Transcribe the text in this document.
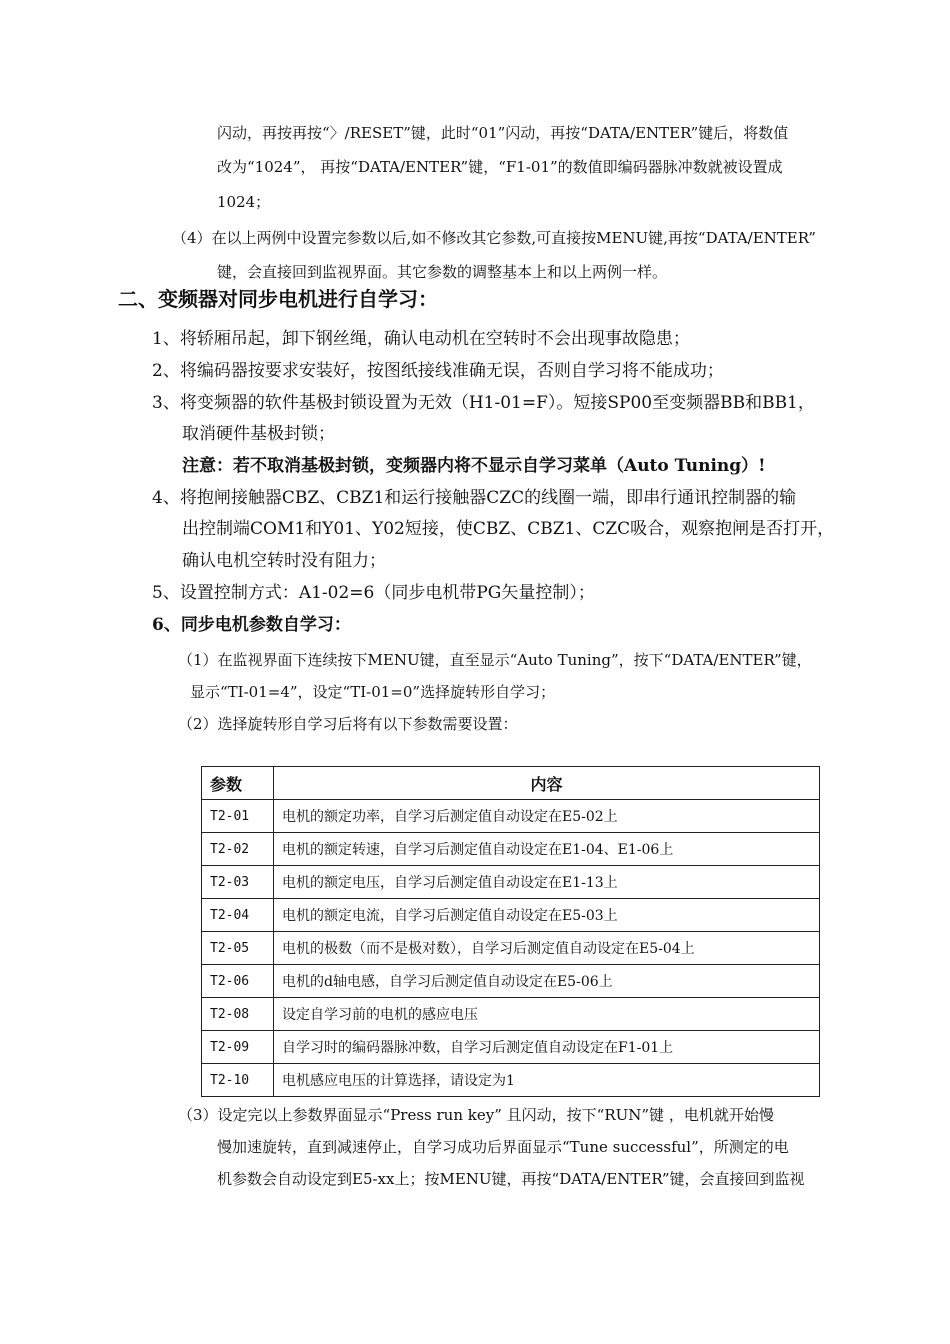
闪动，再按再按“〉/RESET”键，此时“01”闪动，再按“DATA/ENTER”键后，将数值
改为“1024”， 再按“DATA/ENTER”键，“F1-01”的数值即编码器脉冲数就被设置成
1024；
（4）在以上两例中设置完参数以后,如不修改其它参数,可直接按MENU键,再按“DATA/ENTER”
键，会直接回到监视界面。其它参数的调整基本上和以上两例一样。
二、变频器对同步电机进行自学习：
1、将轿厢吊起，卸下钢丝绳，确认电动机在空转时不会出现事故隐患；
2、将编码器按要求安装好，按图纸接线准确无误，否则自学习将不能成功；
3、将变频器的软件基极封锁设置为无效（H1-01=F）。短接SP00至变频器BB和BB1，
取消硬件基极封锁；
注意：若不取消基极封锁，变频器内将不显示自学习菜单（Auto Tuning）!
4、将抱闸接触器CBZ、CBZ1和运行接触器CZC的线圈一端，即串行通讯控制器的输
出控制端COM1和Y01、Y02短接，使CBZ、CBZ1、CZC吸合，观察抱闸是否打开，
确认电机空转时没有阻力；
5、设置控制方式：A1-02=6（同步电机带PG矢量控制）；
6、同步电机参数自学习：
（1）在监视界面下连续按下MENU键，直至显示“Auto Tuning”，按下“DATA/ENTER”键，
显示“TI-01=4”，设定“TI-01=0”选择旋转形自学习；
（2）选择旋转形自学习后将有以下参数需要设置：
参数	内容
T2-01	电机的额定功率，自学习后测定值自动设定在E5-02上
T2-02	电机的额定转速，自学习后测定值自动设定在E1-04、E1-06上
T2-03	电机的额定电压，自学习后测定值自动设定在E1-13上
T2-04	电机的额定电流，自学习后测定值自动设定在E5-03上
T2-05	电机的极数（而不是极对数），自学习后测定值自动设定在E5-04上
T2-06	电机的d轴电感，自学习后测定值自动设定在E5-06上
T2-08	设定自学习前的电机的感应电压
T2-09	自学习时的编码器脉冲数，自学习后测定值自动设定在F1-01上
T2-10	电机感应电压的计算选择，请设定为1
（3）设定完以上参数界面显示“Press run key” 且闪动，按下“RUN”键 ，电机就开始慢
慢加速旋转，直到减速停止，自学习成功后界面显示“Tune successful”，所测定的电
机参数会自动设定到E5-xx上；按MENU键，再按“DATA/ENTER”键，会直接回到监视
